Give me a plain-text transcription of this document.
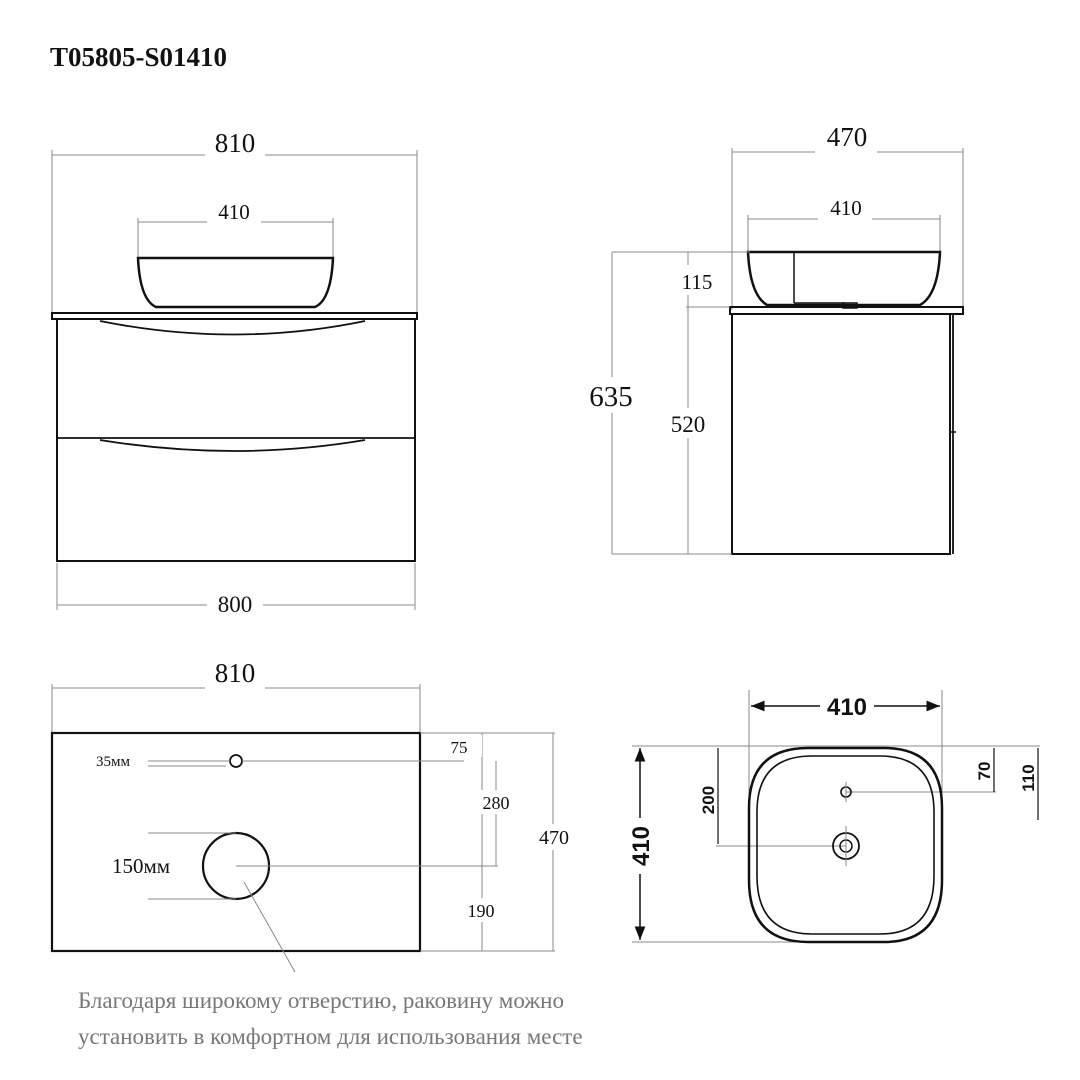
T05805-S01410
810
410
800
470
410
115
635
520
810
35мм
150мм
75
280
190
470
410
410
200
70 110
Благодаря широкому отверстию, раковину можно
установить в комфортном для использования месте
